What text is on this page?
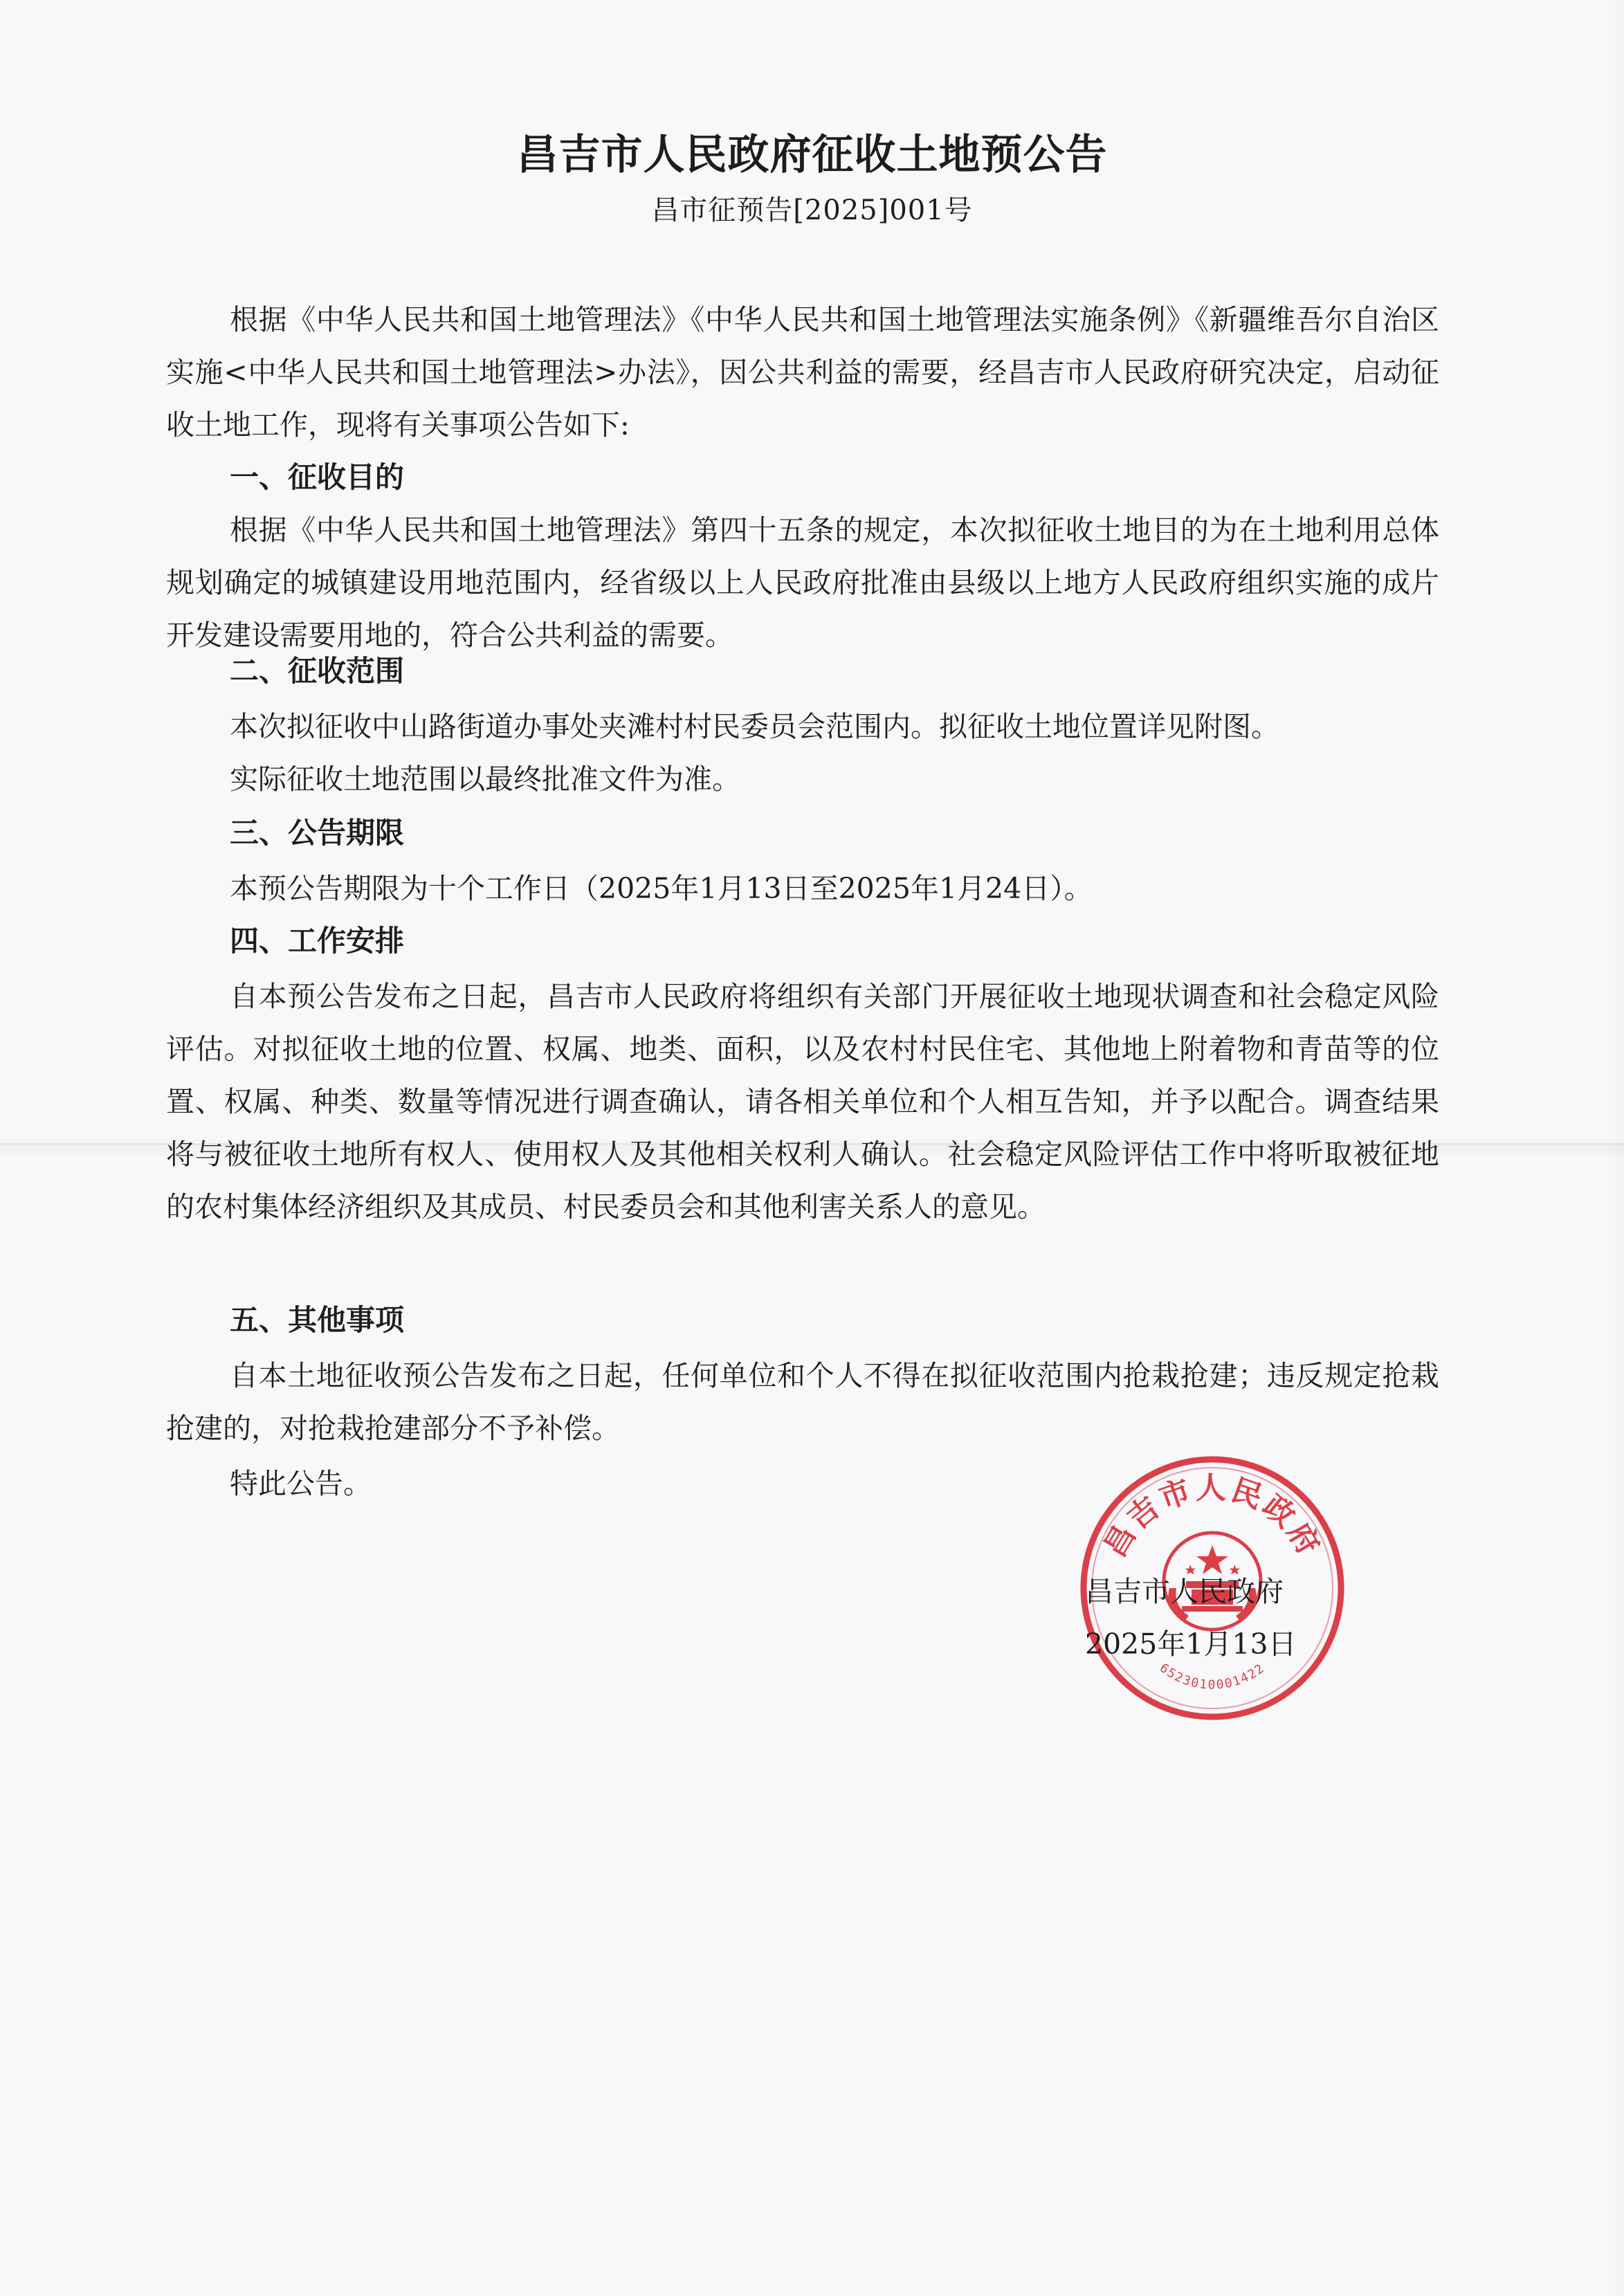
昌吉市人民政府征收土地预公告
昌市征预告[2025]001号

根据《中华人民共和国土地管理法》《中华人民共和国土地管理法实施条例》《新疆维吾尔自治区实施<中华人民共和国土地管理法>办法》，因公共利益的需要，经昌吉市人民政府研究决定，启动征收土地工作，现将有关事项公告如下:

一、征收目的

根据《中华人民共和国土地管理法》第四十五条的规定，本次拟征收土地目的为在土地利用总体规划确定的城镇建设用地范围内，经省级以上人民政府批准由县级以上地方人民政府组织实施的成片开发建设需要用地的，符合公共利益的需要。

二、征收范围

本次拟征收中山路街道办事处夹滩村村民委员会范围内。拟征收土地位置详见附图。

实际征收土地范围以最终批准文件为准。

三、公告期限

本预公告期限为十个工作日（2025年1月13日至2025年1月24日）。

四、工作安排

自本预公告发布之日起，昌吉市人民政府将组织有关部门开展征收土地现状调查和社会稳定风险评估。对拟征收土地的位置、权属、地类、面积，以及农村村民住宅、其他地上附着物和青苗等的位置、权属、种类、数量等情况进行调查确认，请各相关单位和个人相互告知，并予以配合。调查结果将与被征收土地所有权人、使用权人及其他相关权利人确认。社会稳定风险评估工作中将听取被征地的农村集体经济组织及其成员、村民委员会和其他利害关系人的意见。

五、其他事项

自本土地征收预公告发布之日起，任何单位和个人不得在拟征收范围内抢栽抢建；违反规定抢栽抢建的，对抢栽抢建部分不予补偿。

特此公告。

昌吉市人民政府
6523010001422
昌吉市人民政府
2025年1月13日
